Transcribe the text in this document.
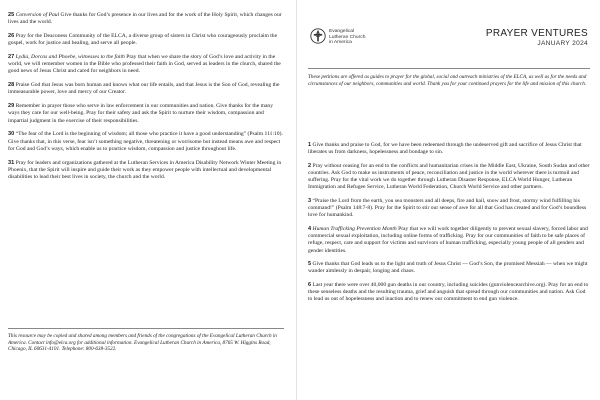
25 Conversion of Paul Give thanks for God’s presence in our lives and for the work of the Holy Spirit, which changes our lives and the world.

26 Pray for the Deaconess Community of the ELCA, a diverse group of sisters in Christ who courageously proclaim the gospel, work for justice and healing, and serve all people.

27 Lydia, Dorcas and Phoebe, witnesses to the faith Pray that when we share the story of God’s love and activity in the world, we will remember women in the Bible who professed their faith in God, served as leaders in the church, shared the good news of Jesus Christ and cared for neighbors in need.

28 Praise God that Jesus was born human and knows what our life entails, and that Jesus is the Son of God, revealing the immeasurable power, love and mercy of our Creator.

29 Remember in prayer those who serve in law enforcement in our communities and nation. Give thanks for the many ways they care for our well-being. Pray for their safety and ask the Spirit to nurture their wisdom, compassion and impartial judgment in the exercise of their responsibilities.

30 “The fear of the Lord is the beginning of wisdom; all those who practice it have a good understanding” (Psalm 111:10). Give thanks that, in this verse, fear isn’t something negative, threatening or worrisome but instead means awe and respect for God and God’s ways, which enable us to practice wisdom, compassion and justice throughout life.

31 Pray for leaders and organizations gathered at the Lutheran Services in America Disability Network Winter Meeting in Phoenix, that the Spirit will inspire and guide their work as they empower people with intellectual and developmental disabilities to lead their best lives in society, the church and the world.

This resource may be copied and shared among members and friends of the congregations of the Evangelical Lutheran Church in America. Contact info@elca.org for additional information. Evangelical Lutheran Church in America, 8765 W. Higgins Road, Chicago, IL 60631-4101. Telephone: 800-638-3522.
Evangelical
Lutheran Church
in America
PRAYER VENTURES
JANUARY 2024

These petitions are offered as guides to prayer for the global, social and outreach ministries of the ELCA, as well as for the needs and circumstances of our neighbors, communities and world. Thank you for your continued prayers for the life and mission of this church.

1 Give thanks and praise to God, for we have been redeemed through the undeserved gift and sacrifice of Jesus Christ that liberates us from darkness, hopelessness and bondage to sin.

2 Pray without ceasing for an end to the conflicts and humanitarian crises in the Middle East, Ukraine, South Sudan and other countries. Ask God to make us instruments of peace, reconciliation and justice in the world wherever there is turmoil and suffering. Pray for the vital work we do together through Lutheran Disaster Response, ELCA World Hunger, Lutheran Immigration and Refugee Service, Lutheran World Federation, Church World Service and other partners.

3 “Praise the Lord from the earth, you sea monsters and all deeps, fire and hail, snow and frost, stormy wind fulfilling his command!” (Psalm 148:7-8). Pray for the Spirit to stir our sense of awe for all that God has created and for God’s boundless love for humankind.

4 Human Trafficking Prevention Month Pray that we will work together diligently to prevent sexual slavery, forced labor and commercial sexual exploitation, including online forms of trafficking. Pray for our communities of faith to be safe places of refuge, respect, care and support for victims and survivors of human trafficking, especially young people of all genders and gender identities.

5 Give thanks that God leads us to the light and truth of Jesus Christ — God’s Son, the promised Messiah — when we might wander aimlessly in despair, longing and chaos.

6 Last year there were over 40,000 gun deaths in our country, including suicides (gunviolencearchive.org). Pray for an end to these senseless deaths and the resulting trauma, grief and anguish that spread through our communities and nation. Ask God to lead us out of hopelessness and inaction and to renew our commitment to end gun violence.
